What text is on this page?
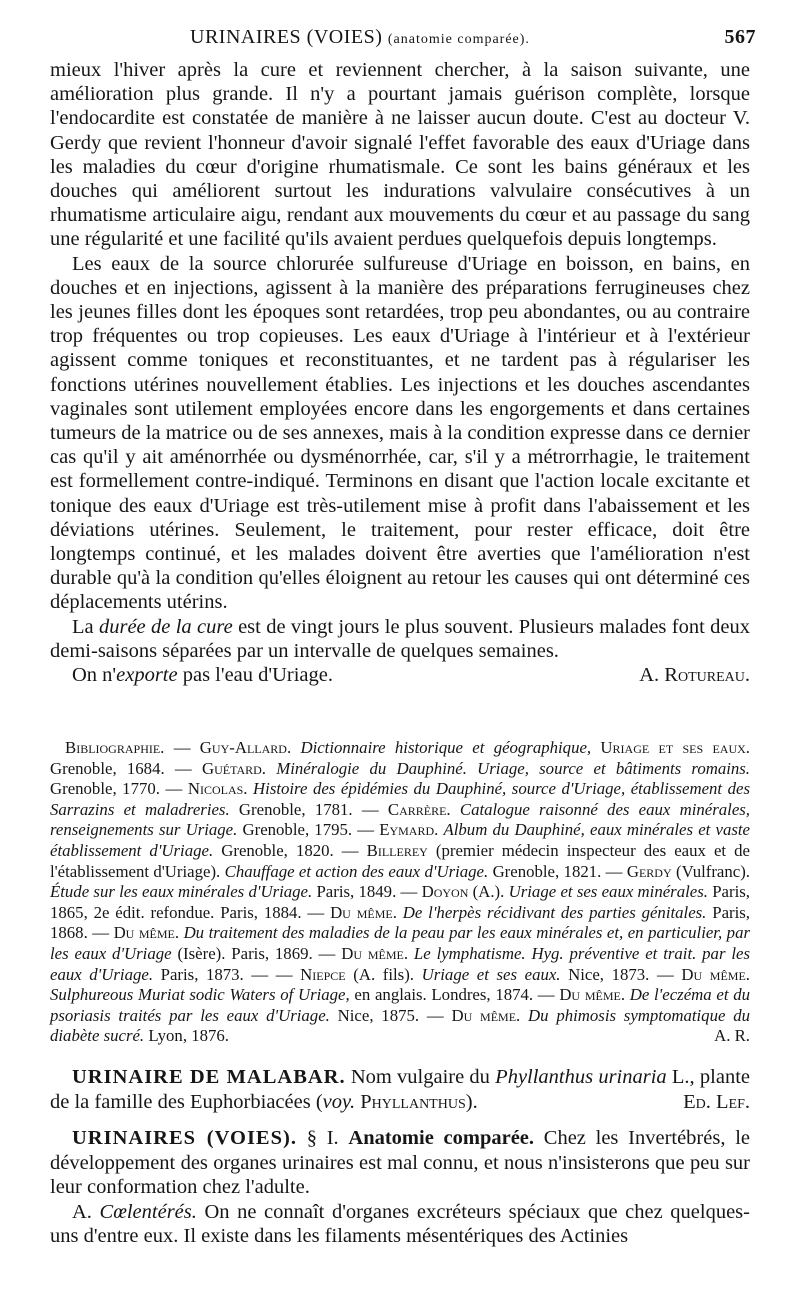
URINAIRES (VOIES) (anatomie comparée).	567

mieux l'hiver après la cure et reviennent chercher, à la saison suivante, une amélioration plus grande. Il n'y a pourtant jamais guérison complète, lorsque l'endocardite est constatée de manière à ne laisser aucun doute. C'est au docteur V. Gerdy que revient l'honneur d'avoir signalé l'effet favorable des eaux d'Uriage dans les maladies du cœur d'origine rhumatismale. Ce sont les bains généraux et les douches qui améliorent surtout les indurations valvulaire consécutives à un rhumatisme articulaire aigu, rendant aux mouvements du cœur et au passage du sang une régularité et une facilité qu'ils avaient perdues quelquefois depuis longtemps.

Les eaux de la source chlorurée sulfureuse d'Uriage en boisson, en bains, en douches et en injections, agissent à la manière des préparations ferrugineuses chez les jeunes filles dont les époques sont retardées, trop peu abondantes, ou au contraire trop fréquentes ou trop copieuses. Les eaux d'Uriage à l'intérieur et à l'extérieur agissent comme toniques et reconstituantes, et ne tardent pas à régulariser les fonctions utérines nouvellement établies. Les injections et les douches ascendantes vaginales sont utilement employées encore dans les engorgements et dans certaines tumeurs de la matrice ou de ses annexes, mais à la condition expresse dans ce dernier cas qu'il y ait aménorrhée ou dysménorrhée, car, s'il y a métrorrhagie, le traitement est formellement contre-indiqué. Terminons en disant que l'action locale excitante et tonique des eaux d'Uriage est très-utilement mise à profit dans l'abaissement et les déviations utérines. Seulement, le traitement, pour rester efficace, doit être longtemps continué, et les malades doivent être averties que l'amélioration n'est durable qu'à la condition qu'elles éloignent au retour les causes qui ont déterminé ces déplacements utérins.

La durée de la cure est de vingt jours le plus souvent. Plusieurs malades font deux demi-saisons séparées par un intervalle de quelques semaines.

On n'exporte pas l'eau d'Uriage.	A. Rotureau.

Bibliographie. — Guy-Allard. Dictionnaire historique et géographique, Uriage et ses eaux. Grenoble, 1684. — Guétard. Minéralogie du Dauphiné. Uriage, source et bâtiments romains. Grenoble, 1770. — Nicolas. Histoire des épidémies du Dauphiné, source d'Uriage, établissement des Sarrazins et maladreries. Grenoble, 1781. — Carrère. Catalogue raisonné des eaux minérales, renseignements sur Uriage. Grenoble, 1795. — Eymard. Album du Dauphiné, eaux minérales et vaste établissement d'Uriage. Grenoble, 1820. — Billerey (premier médecin inspecteur des eaux et de l'établissement d'Uriage). Chauffage et action des eaux d'Uriage. Grenoble, 1821. — Gerdy (Vulfranc). Étude sur les eaux minérales d'Uriage. Paris, 1849. — Doyon (A.). Uriage et ses eaux minérales. Paris, 1865, 2e édit. refondue. Paris, 1884. — Du même. De l'herpès récidivant des parties génitales. Paris, 1868. — Du même. Du traitement des maladies de la peau par les eaux minérales et, en particulier, par les eaux d'Uriage (Isère). Paris, 1869. — Du même. Le lymphatisme. Hyg. préventive et trait. par les eaux d'Uriage. Paris, 1873. — — Niepce (A. fils). Uriage et ses eaux. Nice, 1873. — Du même. Sulphureous Muriat sodic Waters of Uriage, en anglais. Londres, 1874. — Du même. De l'eczéma et du psoriasis traités par les eaux d'Uriage. Nice, 1875. — Du même. Du phimosis symptomatique du diabète sucré. Lyon, 1876.	A. R.

URINAIRE DE MALABAR. Nom vulgaire du Phyllanthus urinaria L., plante de la famille des Euphorbiacées (voy. Phyllanthus).	Ed. Lef.

URINAIRES (VOIES). § I. Anatomie comparée. Chez les Invertébrés, le développement des organes urinaires est mal connu, et nous n'insisterons que peu sur leur conformation chez l'adulte.

A. Cœlentérés. On ne connaît d'organes excréteurs spéciaux que chez quelques-uns d'entre eux. Il existe dans les filaments mésentériques des Actinies
